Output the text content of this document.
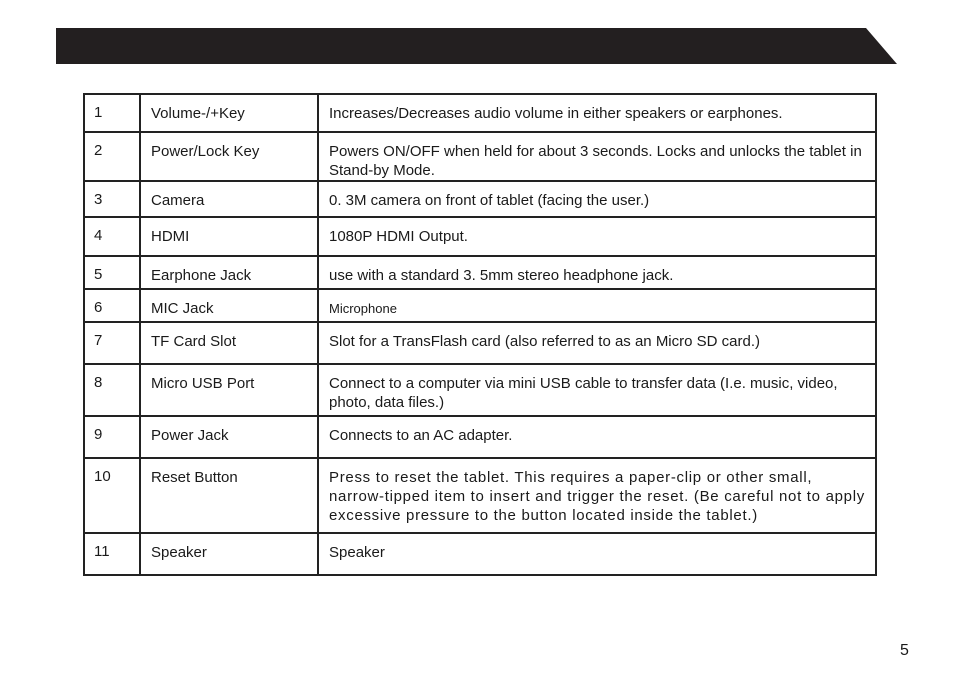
1	Volume-/+Key	Increases/Decreases audio volume in either speakers or earphones.
2	Power/Lock Key	Powers ON/OFF when held for about 3 seconds. Locks and unlocks the tablet in Stand-by Mode.
3	Camera	0. 3M camera on front of tablet (facing the user.)
4	HDMI	1080P HDMI Output.
5	Earphone Jack	use with a standard 3. 5mm stereo headphone jack.
6	MIC Jack	Microphone
7	TF Card Slot	Slot for a TransFlash card (also referred to as an Micro SD card.)
8	Micro USB Port	Connect to a computer via mini USB cable to transfer data (I.e. music, video, photo, data files.)
9	Power Jack	Connects to an AC adapter.
10	Reset Button	Press to reset the tablet. This requires a paper-clip or other small, narrow-tipped item to insert and trigger the reset. (Be careful not to apply excessive pressure to the button located inside the tablet.)
11	Speaker	Speaker
5
